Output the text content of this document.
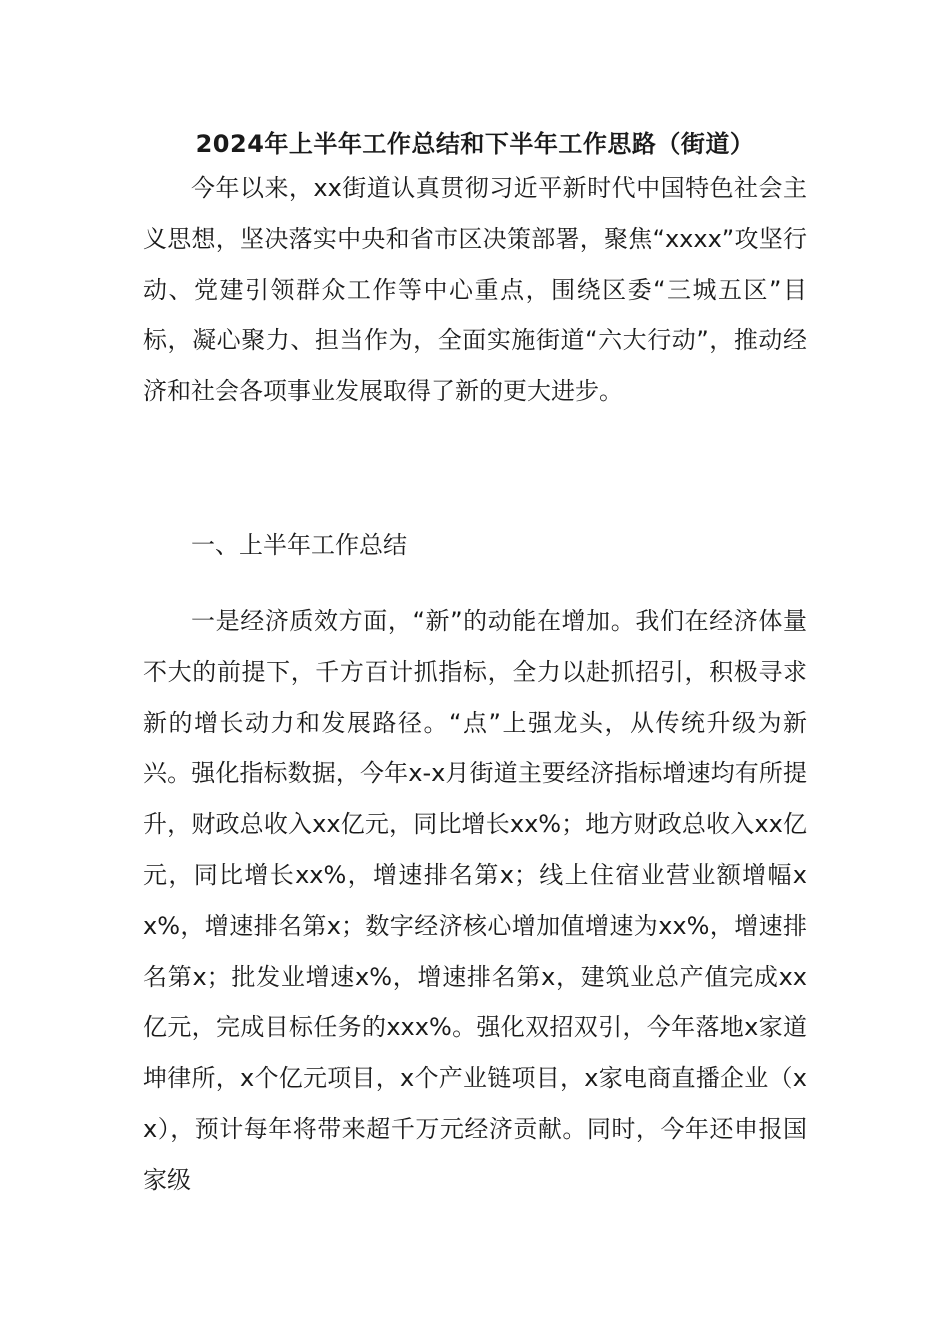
2024年上半年工作总结和下半年工作思路（街道）

今年以来，xx街道认真贯彻习近平新时代中国特色社会主义思想，坚决落实中央和省市区决策部署，聚焦“xxxx”攻坚行动、党建引领群众工作等中心重点，围绕区委“三城五区”目标，凝心聚力、担当作为，全面实施街道“六大行动”，推动经济和社会各项事业发展取得了新的更大进步。

一、上半年工作总结

一是经济质效方面，“新”的动能在增加。我们在经济体量不大的前提下，千方百计抓指标，全力以赴抓招引，积极寻求新的增长动力和发展路径。“点”上强龙头，从传统升级为新兴。强化指标数据，今年x-x月街道主要经济指标增速均有所提升，财政总收入xx亿元，同比增长xx%；地方财政总收入xx亿元，同比增长xx%，增速排名第x；线上住宿业营业额增幅xx%，增速排名第x；数字经济核心增加值增速为xx%，增速排名第x；批发业增速x%，增速排名第x，建筑业总产值完成xx亿元，完成目标任务的xxx%。强化双招双引，今年落地x家道坤律所，x个亿元项目，x个产业链项目，x家电商直播企业（xx），预计每年将带来超千万元经济贡献。同时，今年还申报国家级
